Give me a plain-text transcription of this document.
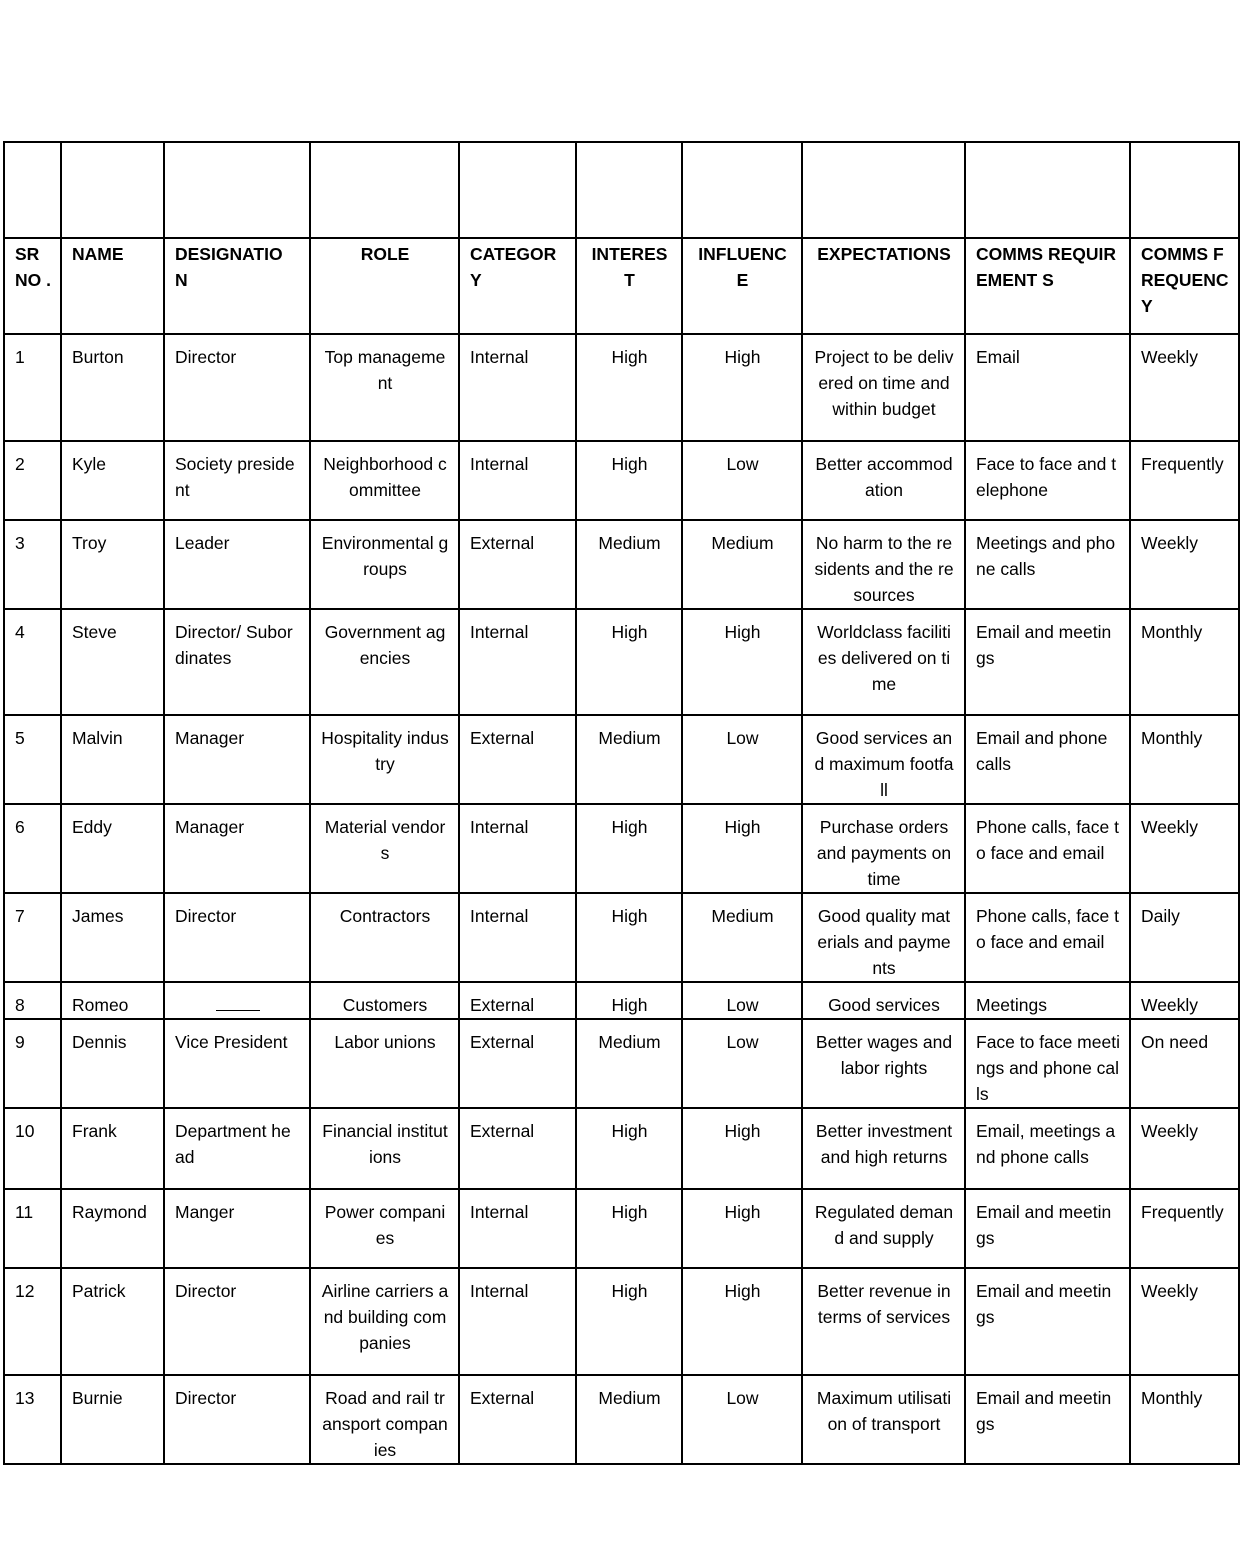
SR NO .	NAME	DESIGNATIO N	ROLE	CATEGOR Y	INTERES T	INFLUENC E	EXPECTATIONS	COMMS REQUIREMENT S	COMMS FREQUENC Y
1	Burton	Director	Top management	Internal	High	High	Project to be delivered on time and within budget	Email	Weekly
2	Kyle	Society president	Neighborhood committee	Internal	High	Low	Better accommodation	Face to face and telephone	Frequently
3	Troy	Leader	Environmental groups	External	Medium	Medium	No harm to the residents and the resources	Meetings and phone calls	Weekly
4	Steve	Director/ Subordinates	Government agencies	Internal	High	High	Worldclass facilities delivered on time	Email and meetings	Monthly
5	Malvin	Manager	Hospitality industry	External	Medium	Low	Good services and maximum footfall	Email and phone calls	Monthly
6	Eddy	Manager	Material vendors	Internal	High	High	Purchase orders and payments on time	Phone calls, face to face and email	Weekly
7	James	Director	Contractors	Internal	High	Medium	Good quality materials and payments	Phone calls, face to face and email	Daily
8	Romeo		Customers	External	High	Low	Good services	Meetings	Weekly
9	Dennis	Vice President	Labor unions	External	Medium	Low	Better wages and labor rights	Face to face meetings and phone calls	On need
10	Frank	Department head	Financial institutions	External	High	High	Better investment and high returns	Email, meetings and phone calls	Weekly
11	Raymond	Manger	Power companies	Internal	High	High	Regulated demand and supply	Email and meetings	Frequently
12	Patrick	Director	Airline carriers and building companies	Internal	High	High	Better revenue in terms of services	Email and meetings	Weekly
13	Burnie	Director	Road and rail transport companies	External	Medium	Low	Maximum utilisation of transport	Email and meetings	Monthly
